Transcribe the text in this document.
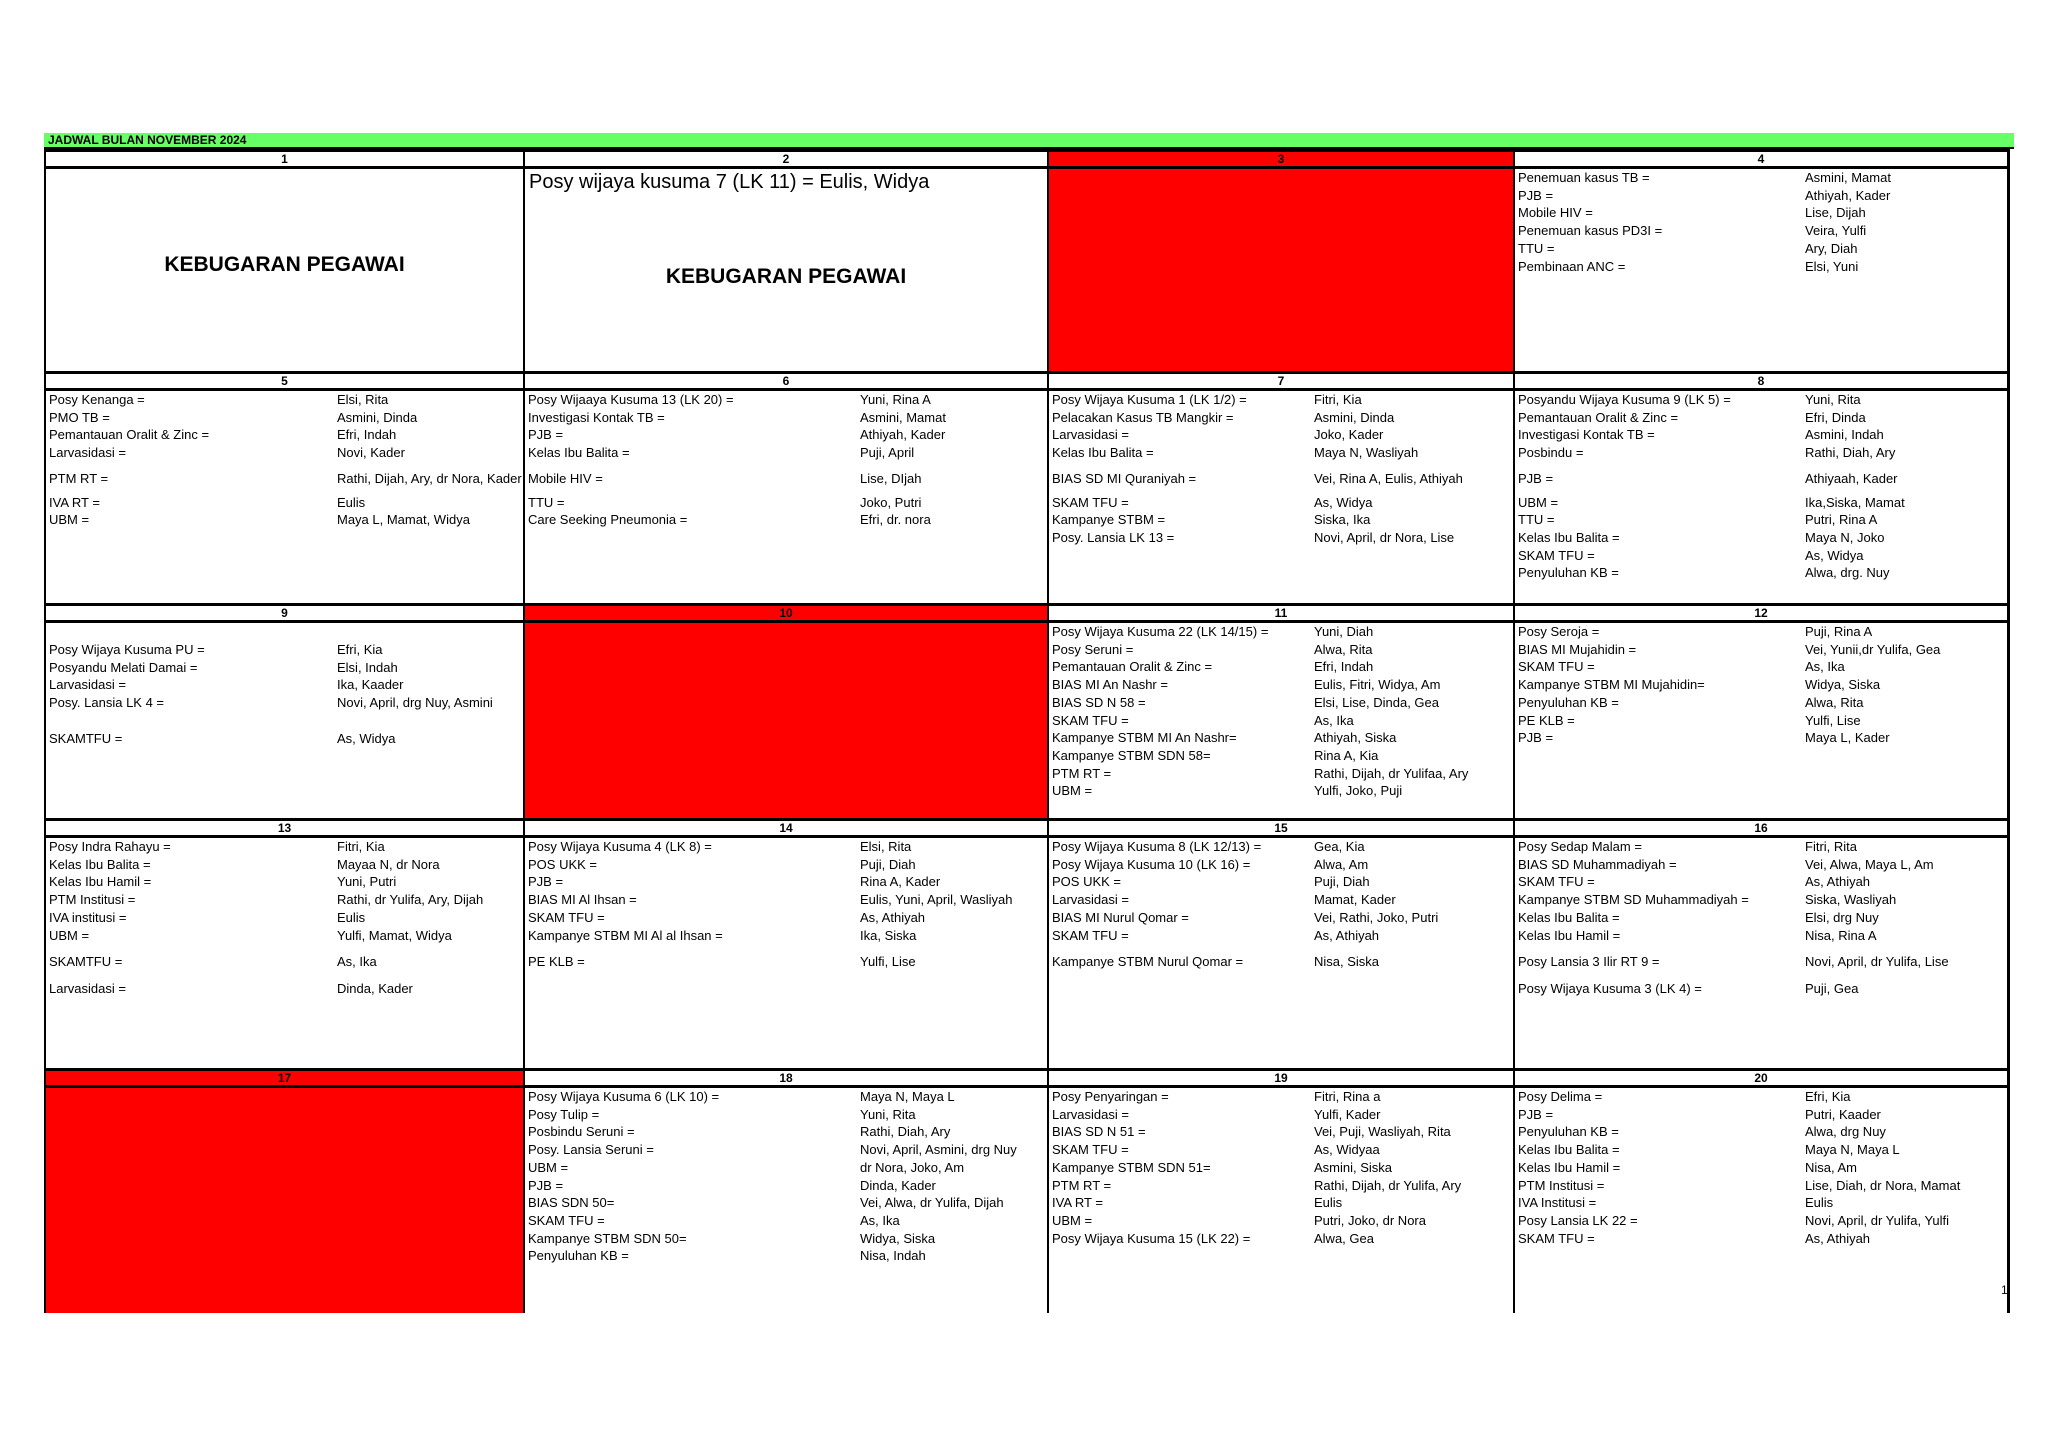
JADWAL BULAN NOVEMBER 2024
1
KEBUGARAN PEGAWAI
2
Posy wijaya kusuma 7 (LK 11) = Eulis, Widya
KEBUGARAN PEGAWAI
3	4
Penemuan kasus TB =	Asmini, Mamat
PJB =	Athiyah, Kader
Mobile HIV =	Lise, Dijah
Penemuan kasus PD3I =	Veira, Yulfi
TTU =	Ary, Diah
Pembinaan ANC =	Elsi, Yuni
5
Posy Kenanga =	Elsi, Rita
PMO TB =	Asmini, Dinda
Pemantauan Oralit & Zinc =	Efri, Indah
Larvasidasi =	Novi, Kader
PTM RT =	Rathi, Dijah, Ary, dr Nora, Kader
IVA RT =	Eulis
UBM =	Maya L, Mamat, Widya
6
Posy Wijaaya Kusuma 13 (LK 20) =	Yuni, Rina A
Investigasi Kontak TB =	Asmini, Mamat
PJB =	Athiyah, Kader
Kelas Ibu Balita =	Puji, April
Mobile HIV =	Lise, DIjah
TTU =	Joko, Putri
Care Seeking Pneumonia =	Efri, dr. nora
7
Posy Wijaya Kusuma 1 (LK 1/2) =	Fitri, Kia
Pelacakan Kasus TB Mangkir =	Asmini, Dinda
Larvasidasi =	Joko, Kader
Kelas Ibu Balita =	Maya N, Wasliyah
BIAS SD MI Quraniyah =	Vei, Rina A, Eulis, Athiyah
SKAM TFU =	As, Widya
Kampanye STBM =	Siska, Ika
Posy. Lansia LK 13 =	Novi, April, dr Nora, Lise
8
Posyandu Wijaya Kusuma 9 (LK 5) =	Yuni, Rita
Pemantauan Oralit & Zinc =	Efri, Dinda
Investigasi Kontak TB =	Asmini, Indah
Posbindu =	Rathi, Diah, Ary
PJB =	Athiyaah, Kader
UBM =	Ika,Siska, Mamat
TTU =	Putri, Rina A
Kelas Ibu Balita =	Maya N, Joko
SKAM TFU =	As, Widya
Penyuluhan KB =	Alwa, drg. Nuy
9
Posy Wijaya Kusuma PU =	Efri, Kia
Posyandu Melati Damai =	Elsi, Indah
Larvasidasi =	Ika, Kaader
Posy. Lansia LK 4 =	Novi, April, drg Nuy, Asmini
SKAMTFU =	As, Widya
10	11
Posy Wijaya Kusuma 22 (LK 14/15) =	Yuni, Diah
Posy Seruni =	Alwa, Rita
Pemantauan Oralit & Zinc =	Efri, Indah
BIAS MI An Nashr =	Eulis, Fitri, Widya, Am
BIAS SD N 58 =	Elsi, Lise, Dinda, Gea
SKAM TFU =	As, Ika
Kampanye STBM MI An Nashr=	Athiyah, Siska
Kampanye STBM SDN 58=	Rina A, Kia
PTM RT =	Rathi, Dijah, dr Yulifaa, Ary
UBM =	Yulfi, Joko, Puji
12
Posy Seroja =	Puji, Rina A
BIAS MI Mujahidin =	Vei, Yunii,dr Yulifa, Gea
SKAM TFU =	As, Ika
Kampanye STBM MI Mujahidin=	Widya, Siska
Penyuluhan KB =	Alwa, Rita
PE KLB =	Yulfi, Lise
PJB =	Maya L, Kader
13
Posy Indra Rahayu =	Fitri, Kia
Kelas Ibu Balita =	Mayaa N, dr Nora
Kelas Ibu Hamil =	Yuni, Putri
PTM Institusi =	Rathi, dr Yulifa, Ary, Dijah
IVA institusi =	Eulis
UBM =	Yulfi, Mamat, Widya
SKAMTFU =	As, Ika
Larvasidasi =	Dinda, Kader
14
Posy Wijaya Kusuma 4 (LK 8) =	Elsi, Rita
POS UKK =	Puji, Diah
PJB =	Rina A, Kader
BIAS MI Al Ihsan =	Eulis, Yuni, April, Wasliyah
SKAM TFU =	As, Athiyah
Kampanye STBM MI Al al Ihsan =	Ika, Siska
PE KLB =	Yulfi, Lise
15
Posy Wijaya Kusuma 8 (LK 12/13) =	Gea, Kia
Posy Wijaya Kusuma 10 (LK 16) =	Alwa, Am
POS UKK =	Puji, Diah
Larvasidasi =	Mamat, Kader
BIAS MI Nurul Qomar =	Vei, Rathi, Joko, Putri
SKAM TFU =	As, Athiyah
Kampanye STBM Nurul Qomar =	Nisa, Siska
16
Posy Sedap Malam =	Fitri, Rita
BIAS SD Muhammadiyah =	Vei, Alwa, Maya L, Am
SKAM TFU =	As, Athiyah
Kampanye STBM SD Muhammadiyah =	Siska, Wasliyah
Kelas Ibu Balita =	Elsi, drg Nuy
Kelas Ibu Hamil =	Nisa, Rina A
Posy Lansia 3 Ilir RT 9 =	Novi, April, dr Yulifa, Lise
Posy Wijaya Kusuma 3 (LK 4) =	Puji, Gea
17	18
Posy Wijaya Kusuma 6 (LK 10) =	Maya N, Maya L
Posy Tulip =	Yuni, Rita
Posbindu Seruni =	Rathi, Diah, Ary
Posy. Lansia Seruni =	Novi, April, Asmini, drg Nuy
UBM =	dr Nora, Joko, Am
PJB =	Dinda, Kader
BIAS SDN 50=	Vei, Alwa, dr Yulifa, Dijah
SKAM TFU =	As, Ika
Kampanye STBM SDN 50=	Widya, Siska
Penyuluhan KB =	Nisa, Indah
19
Posy Penyaringan =	Fitri, Rina a
Larvasidasi =	Yulfi, Kader
BIAS SD N 51 =	Vei, Puji, Wasliyah, Rita
SKAM TFU =	As, Widyaa
Kampanye STBM SDN 51=	Asmini, Siska
PTM RT =	Rathi, Dijah, dr Yulifa, Ary
IVA RT =	Eulis
UBM =	Putri, Joko, dr Nora
Posy Wijaya Kusuma 15 (LK 22) =	Alwa, Gea
20
Posy Delima =	Efri, Kia
PJB =	Putri, Kaader
Penyuluhan KB =	Alwa, drg Nuy
Kelas Ibu Balita =	Maya N, Maya L
Kelas Ibu Hamil =	Nisa, Am
PTM Institusi =	Lise, Diah, dr Nora, Mamat
IVA Institusi =	Eulis
Posy Lansia LK 22 =	Novi, April, dr Yulifa, Yulfi
SKAM TFU =	As, Athiyah
1
